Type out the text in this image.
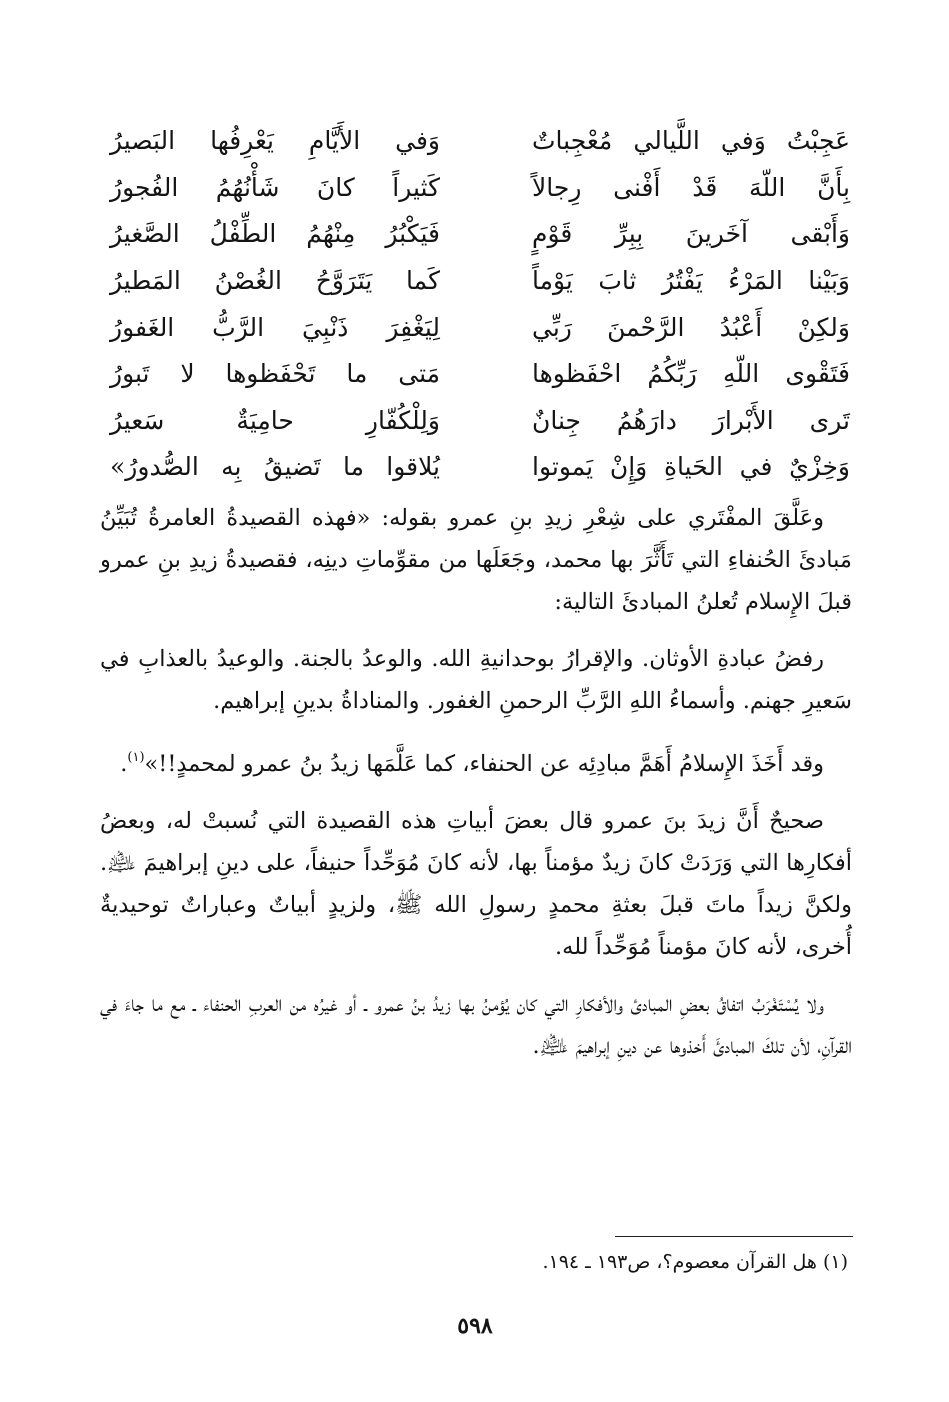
عَجِبْتُ وَفي اللَّيالي مُعْجِباتٌ
وَفي الأَيَّامِ يَعْرِفُها البَصيرُ
بِأَنَّ اللّهَ قَدْ أَفْنى رِجالاً
كَثيراً كانَ شَأْنُهُمُ الفُجورُ
وَأَبْقى آخَرينَ بِبِرِّ قَوْمٍ
فَيَكْبُرُ مِنْهُمُ الطِّفْلُ الصَّغيرُ
وَبَيْنا المَرْءُ يَفْتُرُ ثابَ يَوْماً
كَما يَتَرَوَّحُ الغُصْنُ المَطيرُ
وَلكِنْ أَعْبُدُ الرَّحْمنَ رَبِّي
لِيَغْفِرَ ذَنْبِيَ الرَّبُّ الغَفورُ
فَتَقْوى اللّهِ رَبِّكُمُ احْفَظوها
مَتى ما تَحْفَظوها لا تَبورُ
تَرى الأَبْرارَ دارَهُمُ جِنانٌ
وَلِلْكُفّارِ حامِيَةٌ سَعيرُ
وَخِزْيٌ في الحَياةِ وَإِنْ يَموتوا
يُلاقوا ما تَضيقُ بِه الصُّدورُ»

وعَلَّقَ المفْتَري على شِعْرِ زيدِ بنِ عمرو بقوله: «فهذه القصيدةُ العامرةُ تُبَيِّنُ مَبادئَ الحُنفاءِ التي تَأَثَّرَ بها محمد، وجَعَلَها من مقوِّماتِ دينِه، فقصيدةُ زيدِ بنِ عمرو قبلَ الإِسلام تُعلنُ المبادئَ التالية:

رفضُ عبادةِ الأوثان. والإقرارُ بوحدانيةِ الله. والوعدُ بالجنة. والوعيدُ بالعذابِ في سَعيرِ جهنم. وأسماءُ اللهِ الرَّبِّ الرحمنِ الغفور. والمناداةُ بدينِ إبراهيم.

وقد أَخَذَ الإِسلامُ أَهَمَّ مبادِئِه عن الحنفاء، كما عَلَّمَها زيدُ بنُ عمرو لمحمدٍ!!»$^{(١)}$.

صحيحٌ أَنَّ زيدَ بنَ عمرو قال بعضَ أبياتِ هذه القصيدة التي نُسبتْ له، وبعضُ أفكارِها التي وَرَدَتْ كانَ زيدٌ مؤمناً بها، لأنه كانَ مُوَحِّداً حنيفاً، على دينِ إبراهيمَ ﵇. ولكنَّ زيداً ماتَ قبلَ بعثةِ محمدٍ رسولِ الله ﷺ، ولزيدٍ أبياتٌ وعباراتٌ توحيديةٌ أُخرى، لأنه كانَ مؤمناً مُوَحِّداً لله.

ولا يُسْتَغْرَبُ اتفاقُ بعضِ المبادئ والأفكارِ التي كان يُؤمنُ بها زيدُ بنُ عمرو ـ أو غيرُه من العربِ الحنفاء ـ مع ما جاءَ في القرآنِ، لأن تلكَ المبادئَ أَخذوها عن دينِ إبراهيمَ ﵇.

(١) هل القرآن معصوم؟، ص١٩٣ ـ ١٩٤.
٥٩٨
